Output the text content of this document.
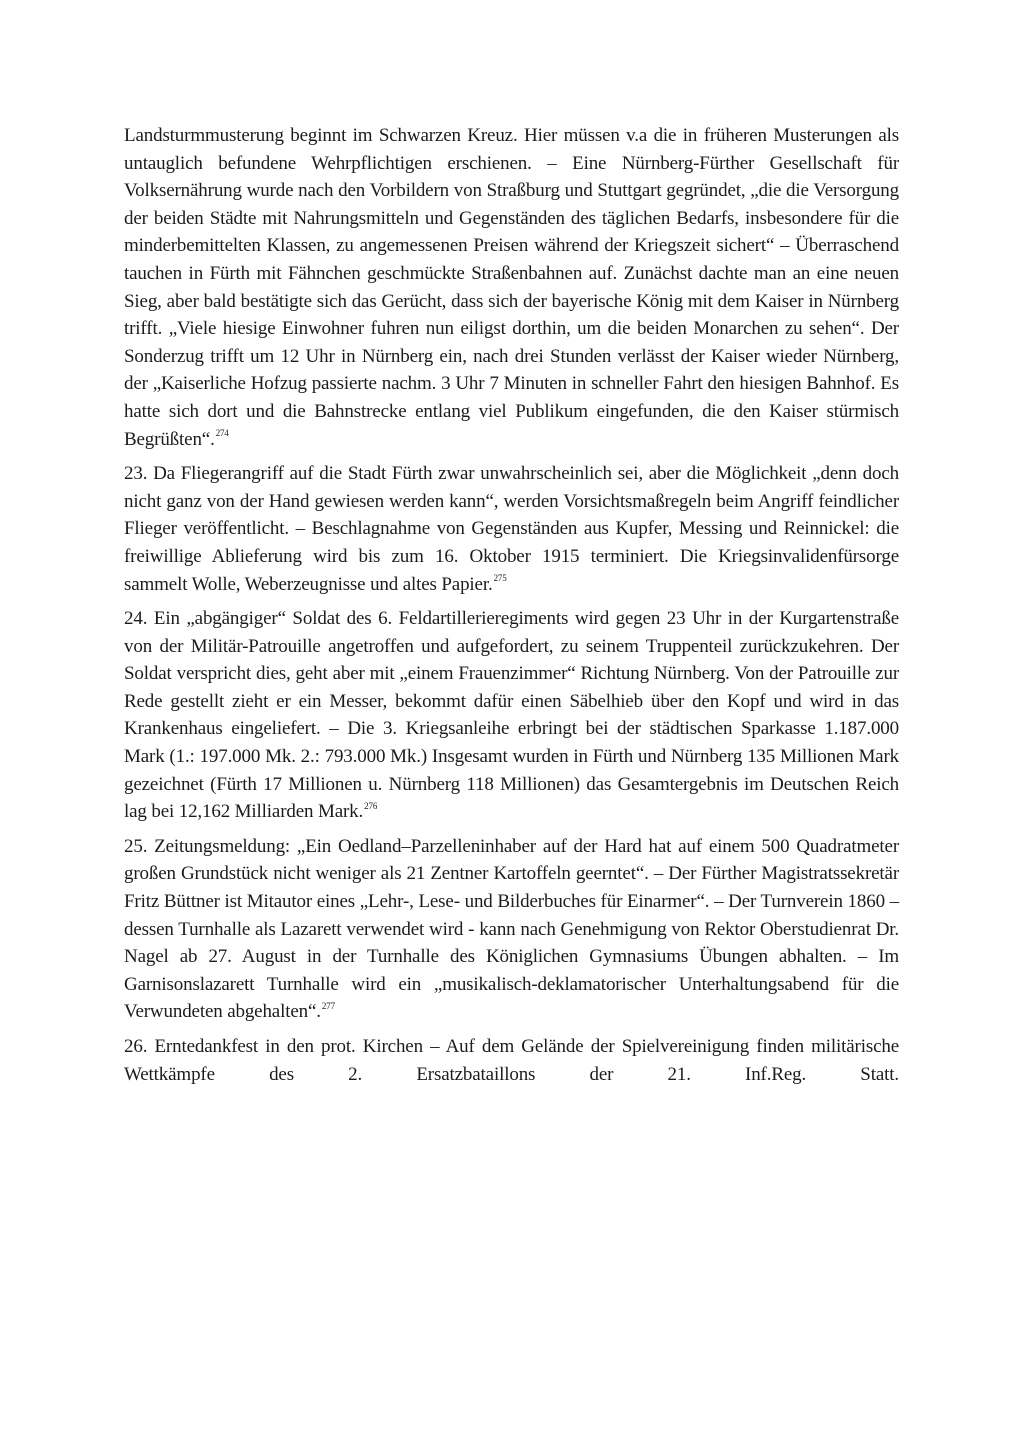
Landsturmmusterung beginnt im Schwarzen Kreuz. Hier müssen v.a die in früheren Musterungen als untauglich befundene Wehrpflichtigen erschienen. – Eine Nürnberg-Fürther Gesellschaft für Volksernährung wurde nach den Vorbildern von Straßburg und Stuttgart gegründet, „die die Versorgung der beiden Städte mit Nahrungsmitteln und Gegenständen des täglichen Bedarfs, insbesondere für die minderbemittelten Klassen, zu angemessenen Preisen während der Kriegszeit sichert“ – Überraschend tauchen in Fürth mit Fähnchen geschmückte Straßenbahnen auf. Zunächst dachte man an eine neuen Sieg, aber bald bestätigte sich das Gerücht, dass sich der bayerische König mit dem Kaiser in Nürnberg trifft. „Viele hiesige Einwohner fuhren nun eiligst dorthin, um die beiden Monarchen zu sehen“. Der Sonderzug trifft um 12 Uhr in Nürnberg ein, nach drei Stunden verlässt der Kaiser wieder Nürnberg, der „Kaiserliche Hofzug passierte nachm. 3 Uhr 7 Minuten in schneller Fahrt den hiesigen Bahnhof. Es hatte sich dort und die Bahnstrecke entlang viel Publikum eingefunden, die den Kaiser stürmisch Begrüßten“.$^{274}$

23. Da Fliegerangriff auf die Stadt Fürth zwar unwahrscheinlich sei, aber die Möglichkeit „denn doch nicht ganz von der Hand gewiesen werden kann“, werden Vorsichtsmaßregeln beim Angriff feindlicher Flieger veröffentlicht. – Beschlagnahme von Gegenständen aus Kupfer, Messing und Reinnickel: die freiwillige Ablieferung wird bis zum 16. Oktober 1915 terminiert. Die Kriegsinvalidenfürsorge sammelt Wolle, Weberzeugnisse und altes Papier.$^{275}$

24. Ein „abgängiger“ Soldat des 6. Feldartillerieregiments wird gegen 23 Uhr in der Kurgartenstraße von der Militär-Patrouille angetroffen und aufgefordert, zu seinem Truppenteil zurückzukehren. Der Soldat verspricht dies, geht aber mit „einem Frauenzimmer“ Richtung Nürnberg. Von der Patrouille zur Rede gestellt zieht er ein Messer, bekommt dafür einen Säbelhieb über den Kopf und wird in das Krankenhaus eingeliefert. – Die 3. Kriegsanleihe erbringt bei der städtischen Sparkasse 1.187.000 Mark (1.: 197.000 Mk. 2.: 793.000 Mk.) Insgesamt wurden in Fürth und Nürnberg 135 Millionen Mark gezeichnet (Fürth 17 Millionen u. Nürnberg 118 Millionen) das Gesamtergebnis im Deutschen Reich lag bei 12,162 Milliarden Mark.$^{276}$

25. Zeitungsmeldung: „Ein Oedland–Parzelleninhaber auf der Hard hat auf einem 500 Quadratmeter großen Grundstück nicht weniger als 21 Zentner Kartoffeln geerntet“. – Der Fürther Magistratssekretär Fritz Büttner ist Mitautor eines „Lehr-, Lese- und Bilderbuches für Einarmer“. – Der Turnverein 1860 – dessen Turnhalle als Lazarett verwendet wird - kann nach Genehmigung von Rektor Oberstudienrat Dr. Nagel ab 27. August in der Turnhalle des Königlichen Gymnasiums Übungen abhalten. – Im Garnisonslazarett Turnhalle wird ein „musikalisch-deklamatorischer Unterhaltungsabend für die Verwundeten abgehalten“.$^{277}$

26. Erntedankfest in den prot. Kirchen – Auf dem Gelände der Spielvereinigung finden militärische Wettkämpfe des 2. Ersatzbataillons der 21. Inf.Reg. Statt.
